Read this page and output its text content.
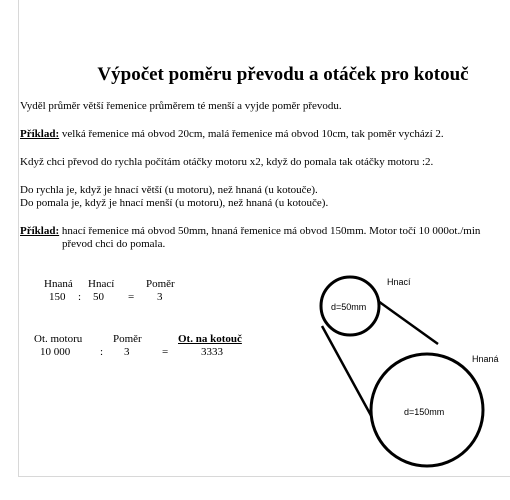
Výpočet poměru převodu a otáček pro kotouč
Vyděl průměr větší řemenice průměrem té menší a vyjde poměr převodu.
Příklad: velká řemenice má obvod 20cm, malá řemenice má obvod 10cm, tak poměr vychází 2.
Když chci převod do rychla počítám otáčky motoru x2, když do pomala tak otáčky motoru :2.
Do rychla je, když je hnací větší (u motoru), než hnaná (u kotouče).
Do pomala je, když je hnací menší (u motoru), než hnaná (u kotouče).
Příklad: hnací řemenice má obvod 50mm, hnaná řemenice má obvod 150mm. Motor točí 10 000ot./min
převod chci do pomala.
Hnaná Hnací	Poměr
150 : 50 = 3
Ot. motoru	Poměr	Ot. na kotouč
10 000	: 3	=	3333
d=50mm
d=150mm
Hnací
Hnaná
